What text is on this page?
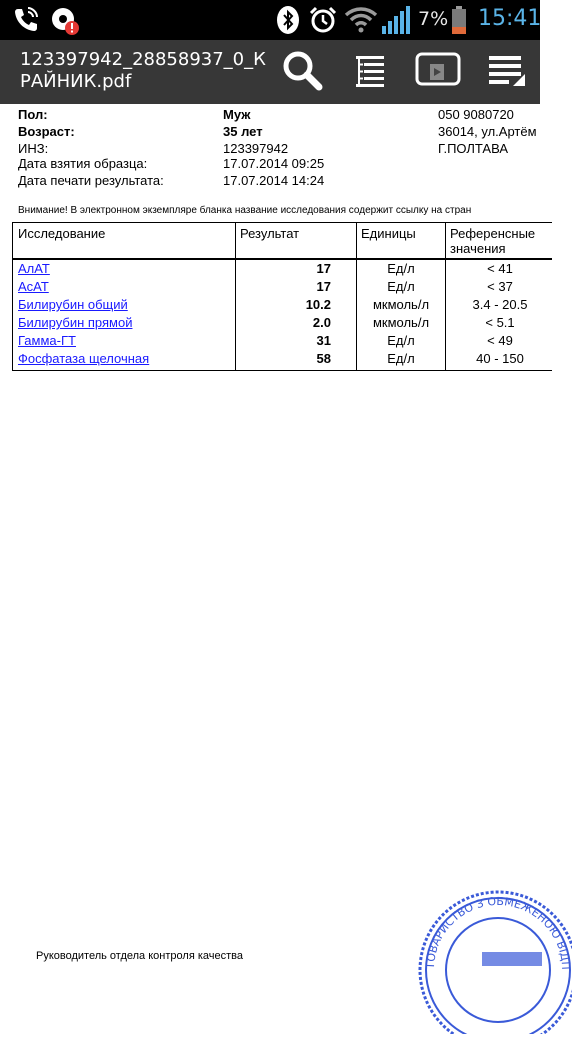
7% 15:41
123397942_28858937_0_КРАЙНИК.pdf
Пол:	Муж
Возраст:	35 лет
ИНЗ:	123397942
Дата взятия образца:	17.07.2014 09:25
Дата печати результата:	17.07.2014 14:24
050 9080720
36014, ул.Артём
Г.ПОЛТАВА
Внимание! В электронном экземпляре бланка название исследования содержит ссылку на стран
Исследование	Результат	Единицы	Референсные
значения
АлАТ	17	Ед/л	< 41
АсАТ	17	Ед/л	< 37
Билирубин общий	10.2	мкмоль/л	3.4 - 20.5
Билирубин прямой	2.0	мкмоль/л	< 5.1
Гамма-ГТ	31	Ед/л	< 49
Фосфатаза щелочная	58	Ед/л	40 - 150
Руководитель отдела контроля качества
ТОВАРИСТВО З ОБМЕЖЕНОЮ ВІДП
